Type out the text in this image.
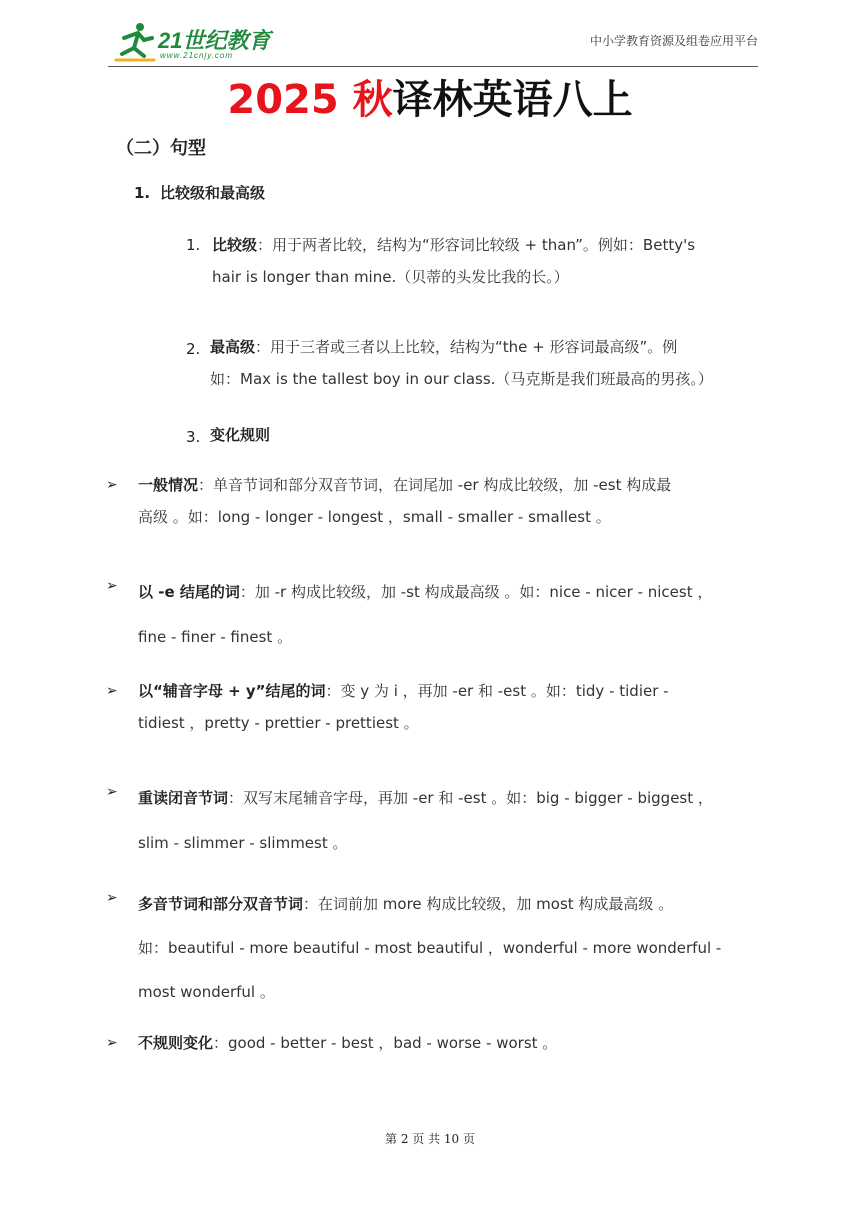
21世纪教育
www.21cnjy.com
中小学教育资源及组卷应用平台
2025 秋译林英语八上
（二）句型
1. 比较级和最高级
1. 比较级：用于两者比较，结构为“形容词比较级 + than”。例如：Betty's
hair is longer than mine.（贝蒂的头发比我的长。）
2. 最高级：用于三者或三者以上比较，结构为“the + 形容词最高级”。例
如：Max is the tallest boy in our class.（马克斯是我们班最高的男孩。）
3. 变化规则
➢ 一般情况：单音节词和部分双音节词，在词尾加 -er 构成比较级，加 -est 构成最
高级 。如：long - longer - longest ，small - smaller - smallest 。
➢ 以 -e 结尾的词：加 -r 构成比较级，加 -st 构成最高级 。如：nice - nicer - nicest ，
fine - finer - finest 。
➢ 以“辅音字母 + y”结尾的词：变 y 为 i ，再加 -er 和 -est 。如：tidy - tidier -
tidiest ，pretty - prettier - prettiest 。
➢ 重读闭音节词：双写末尾辅音字母，再加 -er 和 -est 。如：big - bigger - biggest ，
slim - slimmer - slimmest 。
➢ 多音节词和部分双音节词：在词前加 more 构成比较级，加 most 构成最高级 。
如：beautiful - more beautiful - most beautiful ，wonderful - more wonderful -
most wonderful 。
➢ 不规则变化：good - better - best ，bad - worse - worst 。
第 2 页 共 10 页
